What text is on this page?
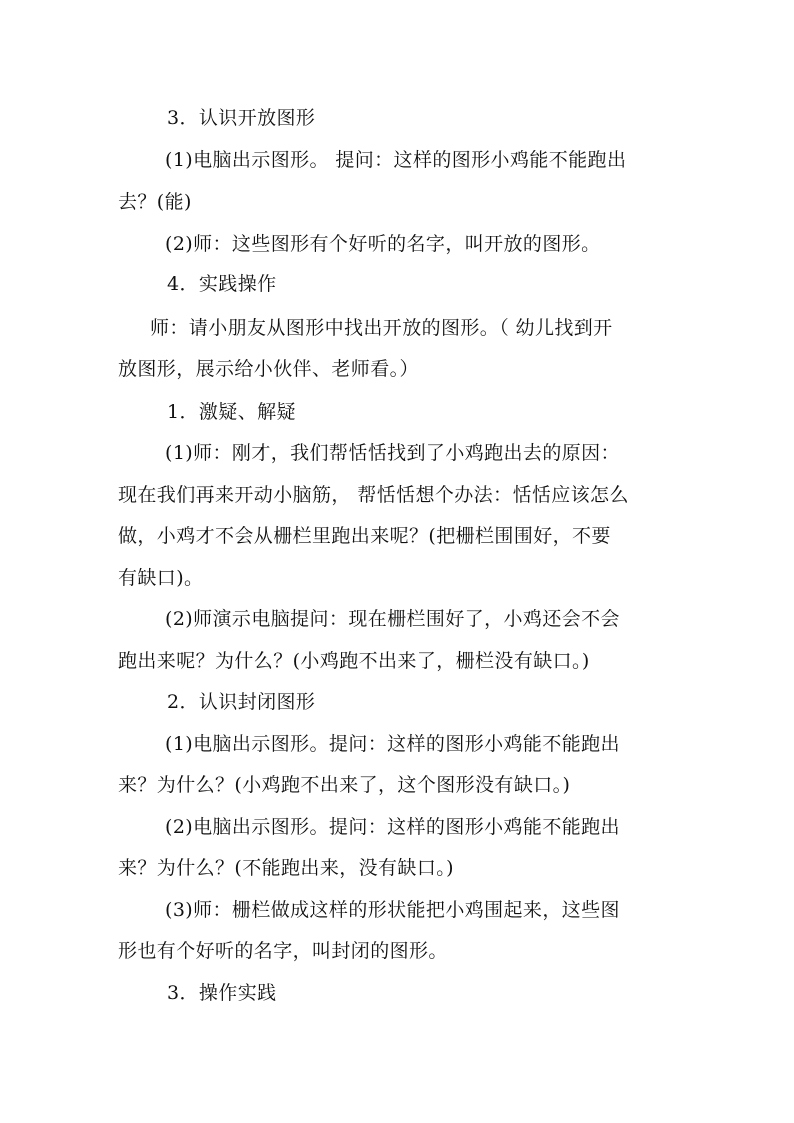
3．认识开放图形
(1)电脑出示图形。 提问：这样的图形小鸡能不能跑出
去？(能)
(2)师：这些图形有个好听的名字，叫开放的图形。
4．实践操作
师：请小朋友从图形中找出开放的图形。（ 幼儿找到开
放图形，展示给小伙伴、老师看。）
1．激疑、解疑
(1)师：刚才，我们帮恬恬找到了小鸡跑出去的原因：
现在我们再来开动小脑筋， 帮恬恬想个办法：恬恬应该怎么
做，小鸡才不会从栅栏里跑出来呢？(把栅栏围围好，不要
有缺口)。
(2)师演示电脑提问：现在栅栏围好了，小鸡还会不会
跑出来呢？为什么？(小鸡跑不出来了，栅栏没有缺口。)
2．认识封闭图形
(1)电脑出示图形。提问：这样的图形小鸡能不能跑出
来？为什么？(小鸡跑不出来了，这个图形没有缺口。)
(2)电脑出示图形。提问：这样的图形小鸡能不能跑出
来？为什么？(不能跑出来，没有缺口。)
(3)师：栅栏做成这样的形状能把小鸡围起来，这些图
形也有个好听的名字，叫封闭的图形。
3．操作实践
